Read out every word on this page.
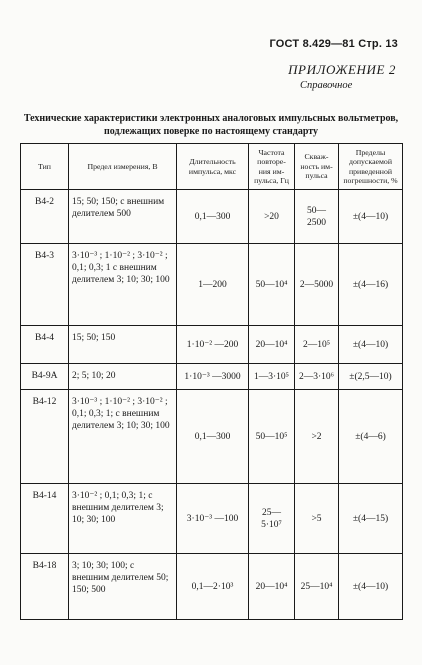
ГОСТ 8.429—81 Стр. 13
ПРИЛОЖЕНИЕ 2
Справочное
Технические характеристики электронных аналоговых импульсных вольтметров, подлежащих поверке по настоящему стандарту
Тип	Предел измерения, В	Длительность импульса, мкс	Частота повторе-ния им-пульса, Гц	Скваж-ность им-пульса	Пределы допускаемой приведенной погрешности, %
В4-2	15; 50; 150; с внешним делителем 500	0,1—300	>20	50—2500	±(4—10)
В4-3	3·10⁻³ ; 1·10⁻² ; 3·10⁻² ; 0,1; 0,3; 1 с внешним делителем 3; 10; 30; 100	1—200	50—10⁴	2—5000	±(4—16)
В4-4	15; 50; 150	1·10⁻² —200	20—10⁴	2—10⁵	±(4—10)
В4-9А	2; 5; 10; 20	1·10⁻³ —3000	1—3·10⁵	2—3·10⁶	±(2,5—10)
В4-12	3·10⁻³ ; 1·10⁻² ; 3·10⁻² ; 0,1; 0,3; 1; с внешним делителем 3; 10; 30; 100	0,1—300	50—10⁵	>2	±(4—6)
В4-14	3·10⁻² ; 0,1; 0,3; 1; с внешним делителем 3; 10; 30; 100	3·10⁻³ —100	25—5·10⁷	>5	±(4—15)
В4-18	3; 10; 30; 100; с внешним делителем 50; 150; 500	0,1—2·10³	20—10⁴	25—10⁴	±(4—10)
